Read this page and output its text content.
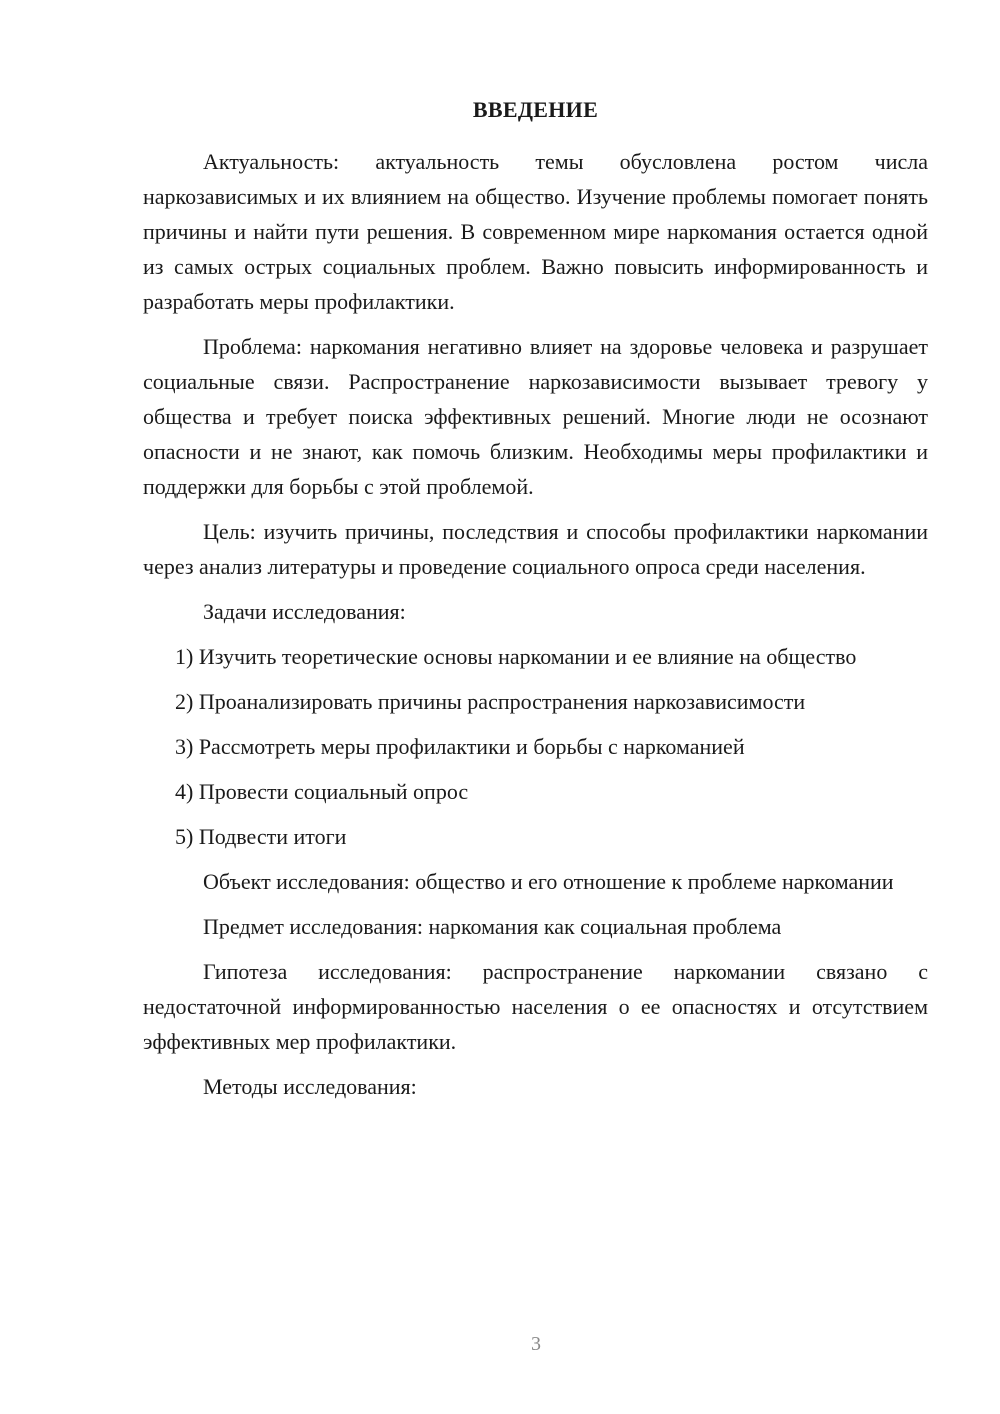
ВВЕДЕНИЕ

Актуальность: актуальность темы обусловлена ростом числа наркозависимых и их влиянием на общество. Изучение проблемы помогает понять причины и найти пути решения. В современном мире наркомания остается одной из самых острых социальных проблем. Важно повысить информированность и разработать меры профилактики.

Проблема: наркомания негативно влияет на здоровье человека и разрушает социальные связи. Распространение наркозависимости вызывает тревогу у общества и требует поиска эффективных решений. Многие люди не осознают опасности и не знают, как помочь близким. Необходимы меры профилактики и поддержки для борьбы с этой проблемой.

Цель: изучить причины, последствия и способы профилактики наркомании через анализ литературы и проведение социального опроса среди населения.

Задачи исследования:

1) Изучить теоретические основы наркомании и ее влияние на общество

2) Проанализировать причины распространения наркозависимости

3) Рассмотреть меры профилактики и борьбы с наркоманией

4) Провести социальный опрос

5) Подвести итоги

Объект исследования: общество и его отношение к проблеме наркомании

Предмет исследования: наркомания как социальная проблема

Гипотеза исследования: распространение наркомании связано с недостаточной информированностью населения о ее опасностях и отсутствием эффективных мер профилактики.

Методы исследования:

3
